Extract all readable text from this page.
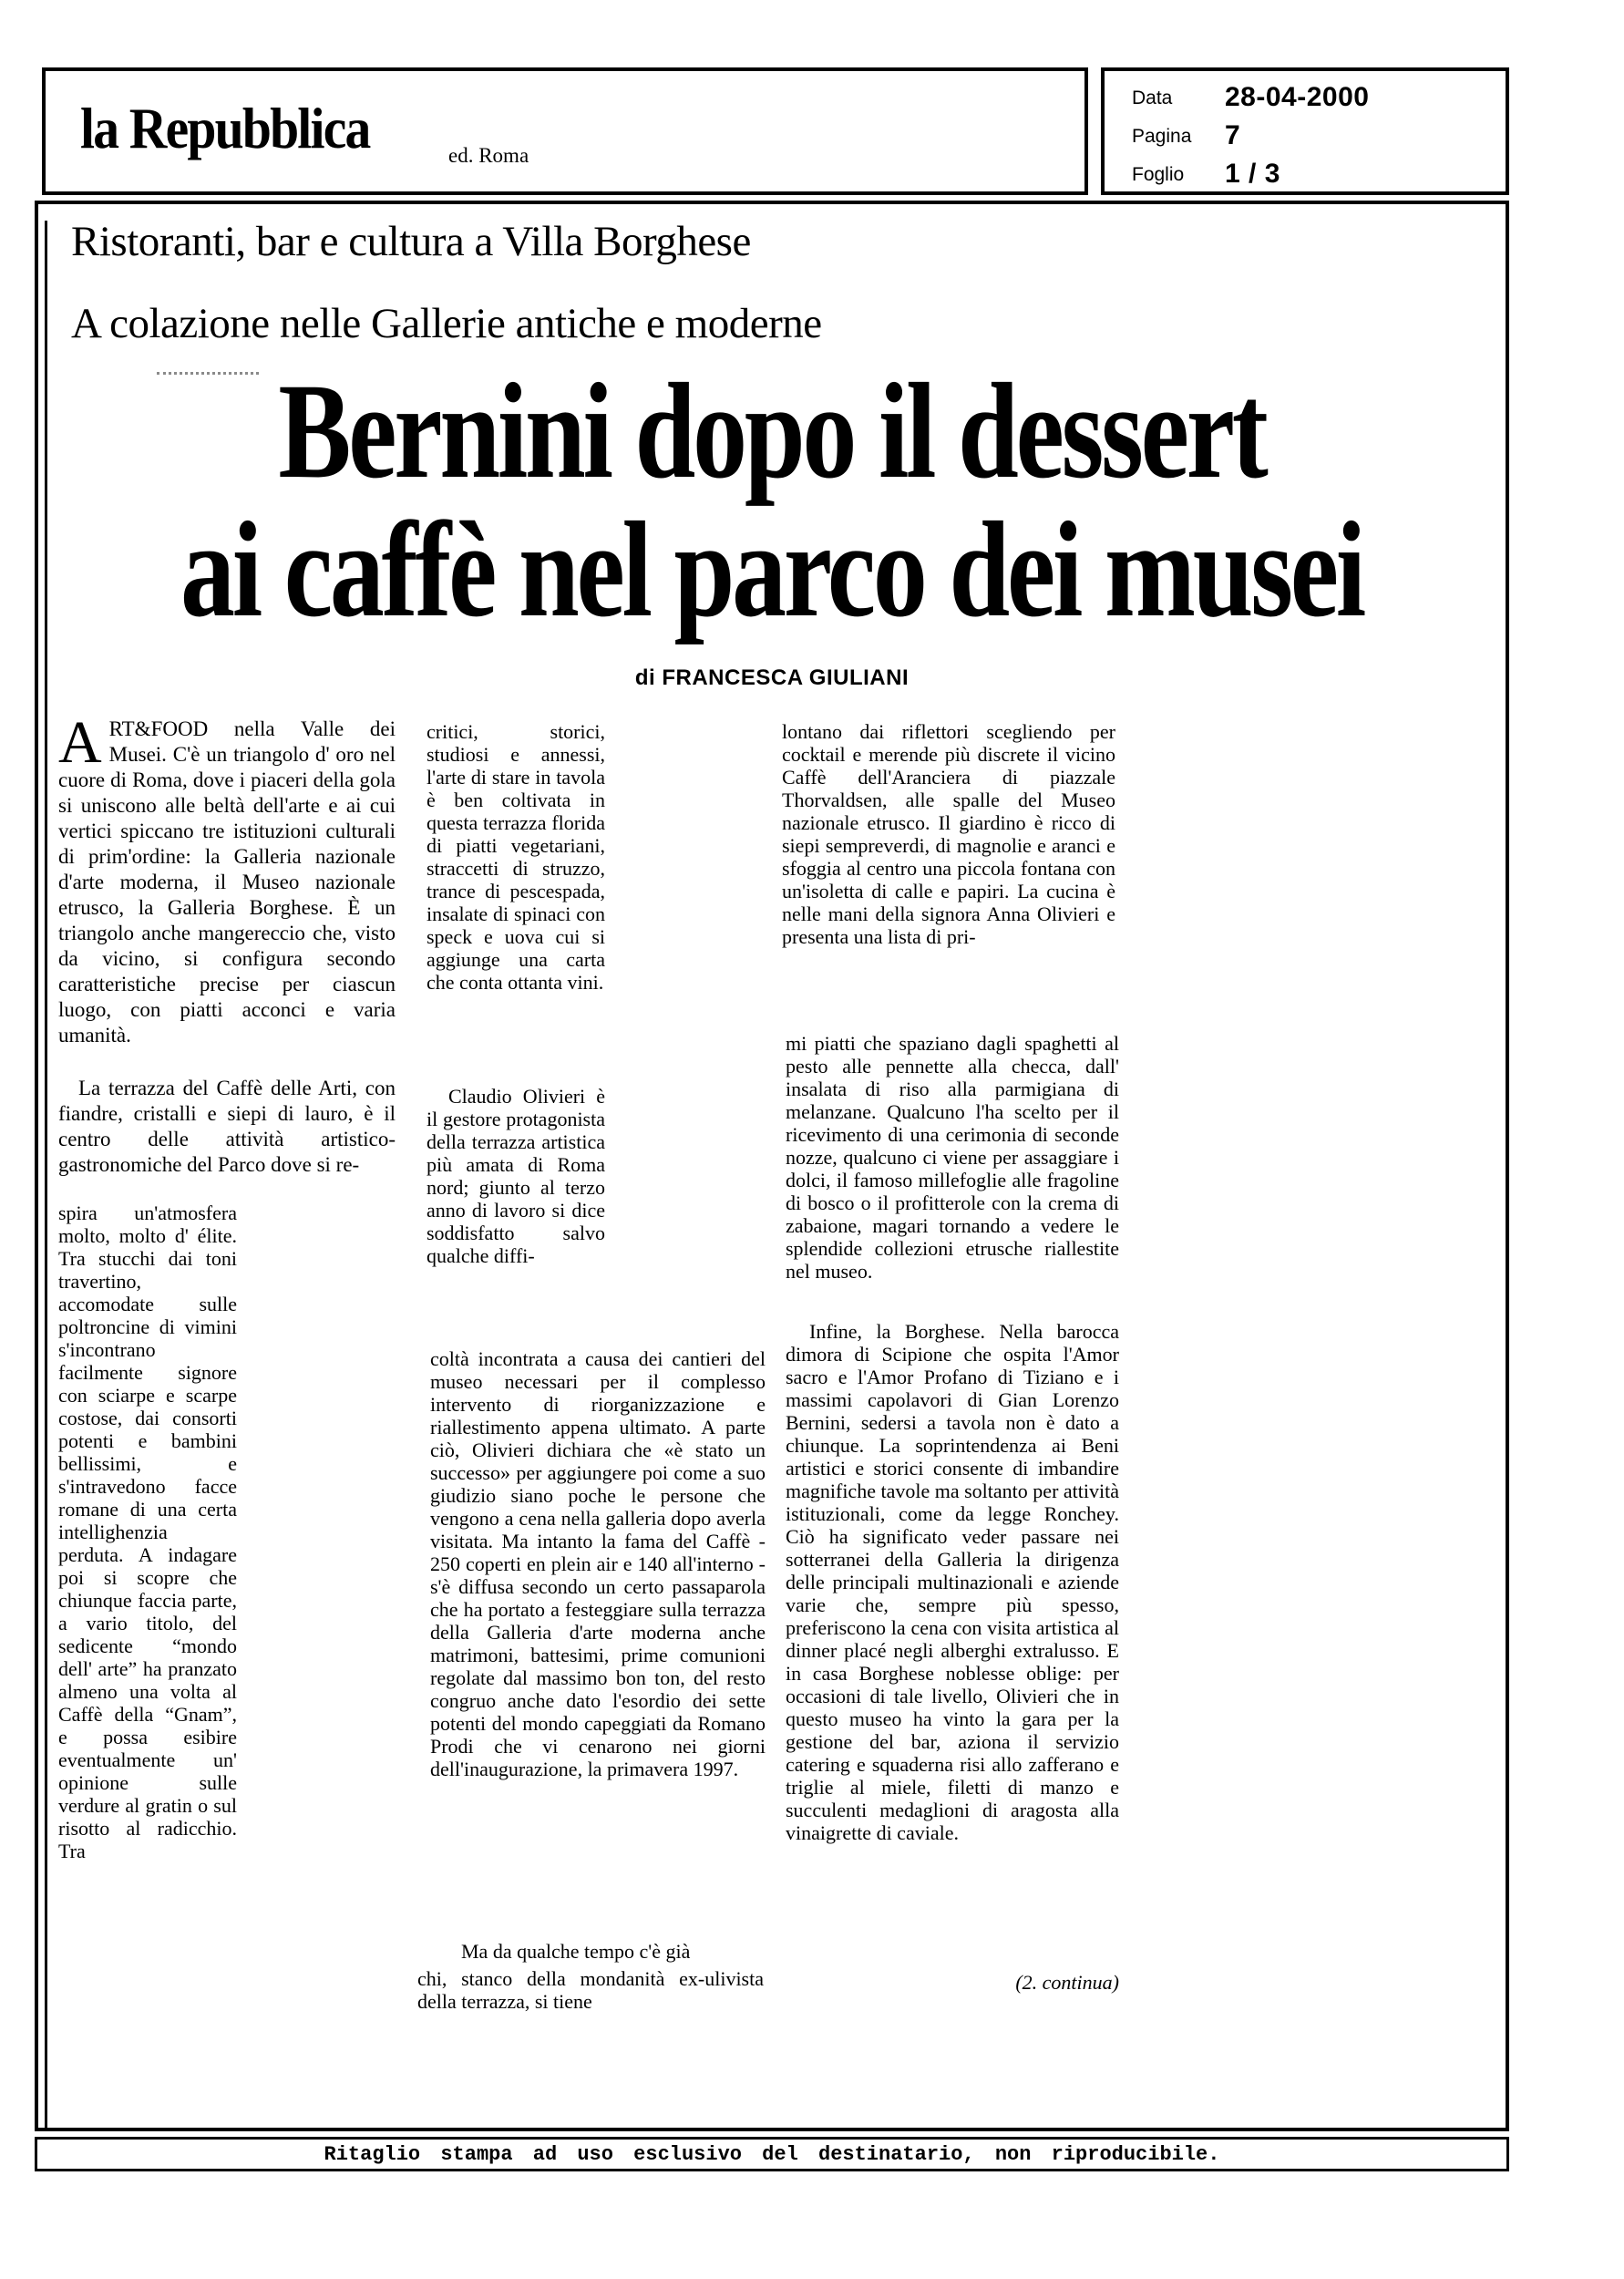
la Repubblica	ed. Roma
Data	28-04-2000
Pagina	7
Foglio	1 / 3
Ristoranti, bar e cultura a Villa Borghese
A colazione nelle Gallerie antiche e moderne
Bernini dopo il dessert
ai caffè nel parco dei musei
di FRANCESCA GIULIANI
ART&FOOD nella Valle dei Musei. C'è un triangolo d' oro nel cuore di Roma, dove i piaceri della gola si uniscono alle beltà dell'arte e ai cui vertici spiccano tre istituzioni culturali di prim'ordine: la Galleria nazionale d'arte moderna, il Museo nazionale etrusco, la Galleria Borghese. È un triangolo anche mangereccio che, visto da vicino, si configura secondo caratteristiche precise per ciascun luogo, con piatti acconci e varia umanità.
La terrazza del Caffè delle Arti, con fiandre, cristalli e siepi di lauro, è il centro delle attività artistico-gastronomiche del Parco dove si re-
spira un'atmosfera molto, molto d' élite. Tra stucchi dai toni travertino, accomodate sulle poltroncine di vimini s'incontrano facilmente signore con sciarpe e scarpe costose, dai consorti potenti e bambini bellissimi, e s'intravedono facce romane di una certa intellighenzia perduta. A indagare poi si scopre che chiunque faccia parte, a vario titolo, del sedicente “mondo dell' arte” ha pranzato almeno una volta al Caffè della “Gnam”, e possa esibire eventualmente un' opinione sulle verdure al gratin o sul risotto al radicchio. Tra
critici, storici, studiosi e annessi, l'arte di stare in tavola è ben coltivata in questa terrazza florida di piatti vegetariani, straccetti di struzzo, trance di pescespada, insalate di spinaci con speck e uova cui si aggiunge una carta che conta ottanta vini.
Claudio Olivieri è il gestore protagonista della terrazza artistica più amata di Roma nord; giunto al terzo anno di lavoro si dice soddisfatto salvo qualche diffi-
coltà incontrata a causa dei cantieri del museo necessari per il complesso intervento di riorganizzazione e riallestimento appena ultimato. A parte ciò, Olivieri dichiara che «è stato un successo» per aggiungere poi come a suo giudizio siano poche le persone che vengono a cena nella galleria dopo averla visitata. Ma intanto la fama del Caffè - 250 coperti en plein air e 140 all'interno - s'è diffusa secondo un certo passaparola che ha portato a festeggiare sulla terrazza della Galleria d'arte moderna anche matrimoni, battesimi, prime comunioni regolate dal massimo bon ton, del resto congruo anche dato l'esordio dei sette potenti del mondo capeggiati da Romano Prodi che vi cenarono nei giorni dell'inaugurazione, la primavera 1997.
Ma da qualche tempo c'è già
chi, stanco della mondanità ex-ulivista della terrazza, si tiene
lontano dai riflettori scegliendo per cocktail e merende più discrete il vicino Caffè dell'Aranciera di piazzale Thorvaldsen, alle spalle del Museo nazionale etrusco. Il giardino è ricco di siepi sempreverdi, di magnolie e aranci e sfoggia al centro una piccola fontana con un'isoletta di calle e papiri. La cucina è nelle mani della signora Anna Olivieri e presenta una lista di pri-
mi piatti che spaziano dagli spaghetti al pesto alle pennette alla checca, dall' insalata di riso alla parmigiana di melanzane. Qualcuno l'ha scelto per il ricevimento di una cerimonia di seconde nozze, qualcuno ci viene per assaggiare i dolci, il famoso millefoglie alle fragoline di bosco o il profitterole con la crema di zabaione, magari tornando a vedere le splendide collezioni etrusche riallestite nel museo.
Infine, la Borghese. Nella barocca dimora di Scipione che ospita l'Amor sacro e l'Amor Profano di Tiziano e i massimi capolavori di Gian Lorenzo Bernini, sedersi a tavola non è dato a chiunque. La soprintendenza ai Beni artistici e storici consente di imbandire magnifiche tavole ma soltanto per attività istituzionali, come da legge Ronchey. Ciò ha significato veder passare nei sotterranei della Galleria la dirigenza delle principali multinazionali e aziende varie che, sempre più spesso, preferiscono la cena con visita artistica al dinner placé negli alberghi extralusso. E in casa Borghese noblesse oblige: per occasioni di tale livello, Olivieri che in questo museo ha vinto la gara per la gestione del bar, aziona il servizio catering e squaderna risi allo zafferano e triglie al miele, filetti di manzo e succulenti medaglioni di aragosta alla vinaigrette di caviale.
(2. continua)
Ritaglio stampa ad uso esclusivo del destinatario, non riproducibile.
